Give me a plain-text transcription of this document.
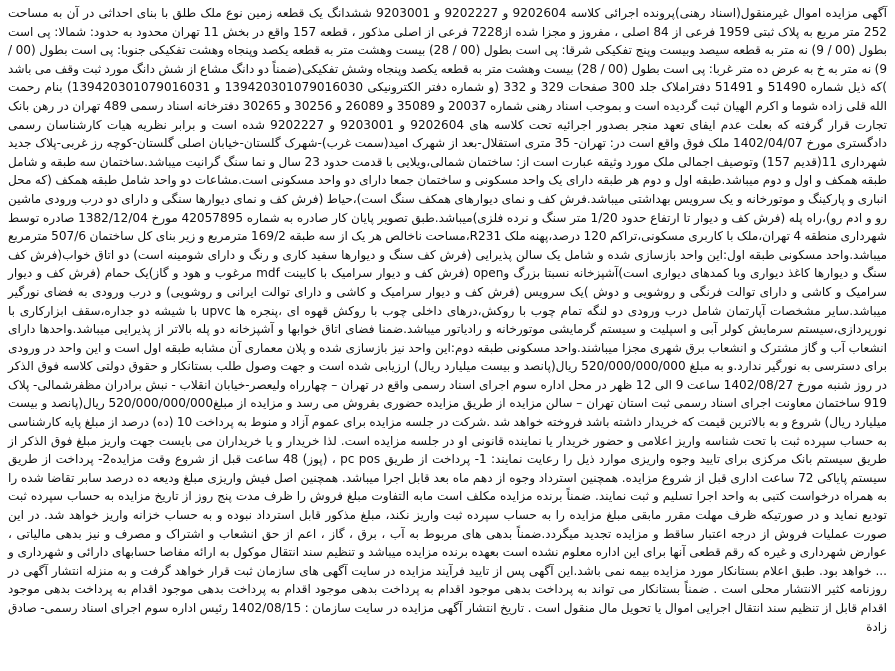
آگهی مزایده اموال غیرمنقول(اسناد رهنی)پرونده اجرائی کلاسه 9202604 و 9202227 و 9203001 ششدانگ یک قطعه زمین نوع ملک طلق با بنای احداثی در آن به مساحت 252 متر مربع به پلاک ثبتی 1959 فرعی از 84 اصلی ، مفروز و مجزا شده از7228 فرعی از اصلی مذکور ، قطعه 157 واقع در بخش 11 تهران محدود به حدود: شمالا: پی است بطول (00 / 9) نه متر به قطعه سیصد وبیست وپنج تفکیکی شرقا: پی است بطول (00 / 28) بیست وهشت متر به قطعه یکصد وپنجاه وهشت تفکیکی جنوبا: پی است بطول (00 / 9) نه متر به خ به عرض ده متر غربا: پی است بطول (00 / 28) بیست وهشت متر به قطعه یکصد وپنجاه وشش تفکیکی(ضمناً دو دانگ مشاع از شش دانگ مورد ثبت وقف می باشد )که ذیل شماره 51490 و 51491 دفتراملاک جلد 300 صفحات 329 و 332 (و شماره دفتر الکترونیکی 139420301079016030 و 139420301079016031) بنام رحمت الله قلی زاده شوما و اکرم الهیان ثبت گردیده است و بموجب اسناد رهنی شماره 20037 و 35089 و 26089 و 30256 و 30265 دفترخانه اسناد رسمی 489 تهران در رهن بانک تجارت قرار گرفته که بعلت عدم ایفای تعهد منجر بصدور اجرائیه تحت کلاسه های 9202604 و 9203001 و 9202227 شده است و برابر نظریه هیات کارشناسان رسمی دادگستری مورخ 1402/04/07 ملک فوق واقع است در: تهران- 35 متری استقلال-بعد از شهرک امید(سمت غرب)-شهرک گلستان-خیابان اصلی گلستان-کوچه رز غربی-پلاک جدید شهرداری 11(قدیم 157) وتوصیف اجمالی ملک مورد وثیقه عبارت است از: ساختمان شمالی،ویلایی با قدمت حدود 23 سال و نما سنگ گرانیت میباشد.ساختمان سه طبقه و شامل طبقه همکف و اول و دوم میباشد.طبقه اول و دوم هر طبقه دارای یک واحد مسکونی و ساختمان جمعا دارای دو واحد مسکونی است.مشاعات دو واحد شامل طبقه همکف (که محل انباری و پارکینگ و موتورخانه و یک سرویس بهداشتی میباشد.فرش کف و نمای دیوارهای همکف سنگ است)،حیاط (فرش کف و نمای دیوارها سنگی و دارای دو درب ورودی ماشین رو و ادم رو)،راه پله (فرش کف و دیوار تا ارتفاع حدود 1/20 متر سنگ و نرده فلزی)میباشد.طبق تصویر پایان کار صادره به شماره 42057895 مورخ 1382/12/04 صادره توسط شهرداری منطقه 4 تهران،ملک با کاربری مسکونی،تراکم 120 درصد،پهنه ملک R231،مساحت ناخالص هر یک از سه طبقه 169/2 مترمربع و زیر بنای کل ساختمان 507/6 مترمربع میباشد.واحد مسکونی طبقه اول:این واحد بازسازی شده و شامل یک سالن پذیرایی (فرش کف سنگ و دیوارها سفید کاری و رنگ و دارای شومینه است) دو اتاق خواب(فرش کف سنگ و دیوارها کاغذ دیواری وبا کمدهای دیواری است)آشپزخانه نسبتا بزرگ وopen (فرش کف و دیوار سرامیک با کابینت mdf مرغوب و هود و گاز)یک حمام (فرش کف و دیوار سرامیک و کاشی و دارای توالت فرنگی و روشویی و دوش )یک سرویس (فرش کف و دیوار سرامیک و کاشی و دارای توالت ایرانی و روشویی) و درب ورودی به فضای نورگیر میباشد.سایر مشخصات آپارتمان شامل درب ورودی دو لنگه تمام چوب با روکش،درهای داخلی چوب با روکش قهوه ای ،پنجره ها upvc با شیشه دو جداره،سقف ابزارکاری با نورپردازی،سیستم سرمایش کولر آبی و اسپلیت و سیستم گرمایشی موتورخانه و رادیاتور میباشد.ضمنا فضای اتاق خوابها و آشپزخانه دو پله بالاتر از پذیرایی میباشد.واحدها دارای انشعاب آب و گاز مشترک و انشعاب برق شهری مجزا میباشند.واحد مسکونی طبقه دوم:این واحد نیز بازسازی شده و پلان معماری آن مشابه طبقه اول است و این واحد در ورودی برای دسترسی به نورگیر ندارد.و به مبلغ 520/000/000/000 ریال(پانصد و بیست میلیارد ریال) ارزیابی شده است و جهت وصول طلب بستانکار و حقوق دولتی کلاسه فوق الذکر در روز شنبه مورخ 1402/08/27 ساعت 9 الی 12 ظهر در محل اداره سوم اجرای اسناد رسمی واقع در تهران – چهارراه ولیعصر-خیابان انقلاب - نبش برادران مظفرشمالی- پلاک 919 ساختمان معاونت اجرای اسناد رسمی ثبت استان تهران – سالن مزایده از طریق مزایده حضوری بفروش می رسد و مزایده از مبلغ520/000/000/000 ریال(پانصد و بیست میلیارد ریال) شروع و به بالاترین قیمت که خریدار داشته باشد فروخته خواهد شد .شرکت در جلسه مزایده برای عموم آزاد و منوط به پرداخت 10 (ده) درصد از مبلغ پایه کارشناسی به حساب سپرده ثبت با تحت شناسه واریز اعلامی و حضور خریدار یا نماینده قانونی او در جلسه مزایده است. لذا خریدار و یا خریداران می بایست جهت واریز مبلغ فوق الذکر از طریق سیستم بانک مرکزی برای تایید وجوه واریزی موارد ذیل را رعایت نمایند: 1- پرداخت از طریق pc pos ، (پوز) 48 ساعت قبل از شروع وقت مزایده2- پرداخت از طریق سیستم پایاکی 72 ساعت اداری قبل از شروع مزایده. همچنین استرداد وجوه از دهم ماه بعد قابل اجرا میباشد. همچنین اصل فیش واریزی مبلغ ودیعه ده درصد سابر تقاضا شده را به همراه درخواست کتبی به واحد اجرا تسلیم و ثبت نمایند. ضمناً برنده مزایده مکلف است مابه التفاوت مبلغ فروش را ظرف مدت پنج روز از تاریخ مزایده به حساب سپرده ثبت تودیع نماید و در صورتیکه ظرف مهلت مقرر مابقی مبلغ مزایده را به حساب سپرده ثبت واریز نکند، مبلغ مذکور قابل استرداد نبوده و به حساب خزانه واریز خواهد شد. در این صورت عملیات فروش از درجه اعتبار ساقط و مزایده تجدید میگردد.ضمناً بدهی های مربوط به آب ، برق ، گاز ، اعم از حق انشعاب و اشتراک و مصرف و نیز بدهی مالیاتی ، عوارض شهرداری و غیره که رقم قطعی آنها برای این اداره معلوم نشده است بعهده برنده مزایده میباشد و تنظیم سند انتقال موکول به ارائه مفاصا حسابهای دارائی و شهرداری و ... خواهد بود. طبق اعلام بستانکار مورد مزایده بیمه نمی باشد.این آگهی پس از تایید فرآیند مزایده در سایت آگهی های سازمان ثبت قرار خواهد گرفت و به منزله انتشار آگهی در روزنامه کثیر الانتشار محلی است . ضمناً بستانکار می تواند به پرداخت بدهی موجود اقدام به پرداخت بدهی موجود اقدام به پرداخت بدهی موجود اقدام به پرداخت بدهی موجود اقدام قابل از تنظیم سند انتقال اجرایی اموال یا تحویل مال منقول است . تاریخ انتشار آگهی مزایده در سایت سازمان : 1402/08/15 رئیس اداره سوم اجرای اسناد رسمی- صادق زادة
